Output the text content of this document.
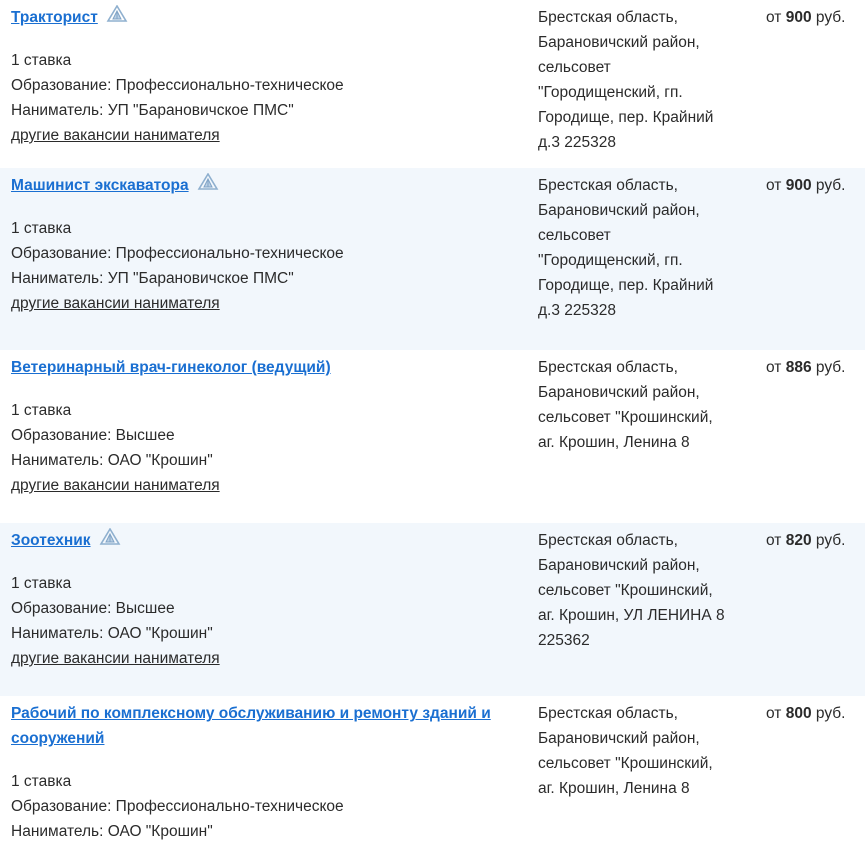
Тракторист
1 ставка
Образование: Профессионально-техническое
Наниматель: УП "Барановичское ПМС"
другие вакансии нанимателя
Брестская область,
Барановичский район,
сельсовет
"Городищенский, гп.
Городище, пер. Крайний
д.3 225328
от 900 руб.
Машинист экскаватора
1 ставка
Образование: Профессионально-техническое
Наниматель: УП "Барановичское ПМС"
другие вакансии нанимателя
Брестская область,
Барановичский район,
сельсовет
"Городищенский, гп.
Городище, пер. Крайний
д.3 225328
от 900 руб.
Ветеринарный врач-гинеколог (ведущий)
1 ставка
Образование: Высшее
Наниматель: ОАО "Крошин"
другие вакансии нанимателя
Брестская область,
Барановичский район,
сельсовет "Крошинский,
аг. Крошин, Ленина 8
от 886 руб.
Зоотехник
1 ставка
Образование: Высшее
Наниматель: ОАО "Крошин"
другие вакансии нанимателя
Брестская область,
Барановичский район,
сельсовет "Крошинский,
аг. Крошин, УЛ ЛЕНИНА 8
225362
от 820 руб.
Рабочий по комплексному обслуживанию и ремонту зданий и сооружений
1 ставка
Образование: Профессионально-техническое
Наниматель: ОАО "Крошин"
Брестская область,
Барановичский район,
сельсовет "Крошинский,
аг. Крошин, Ленина 8
от 800 руб.
